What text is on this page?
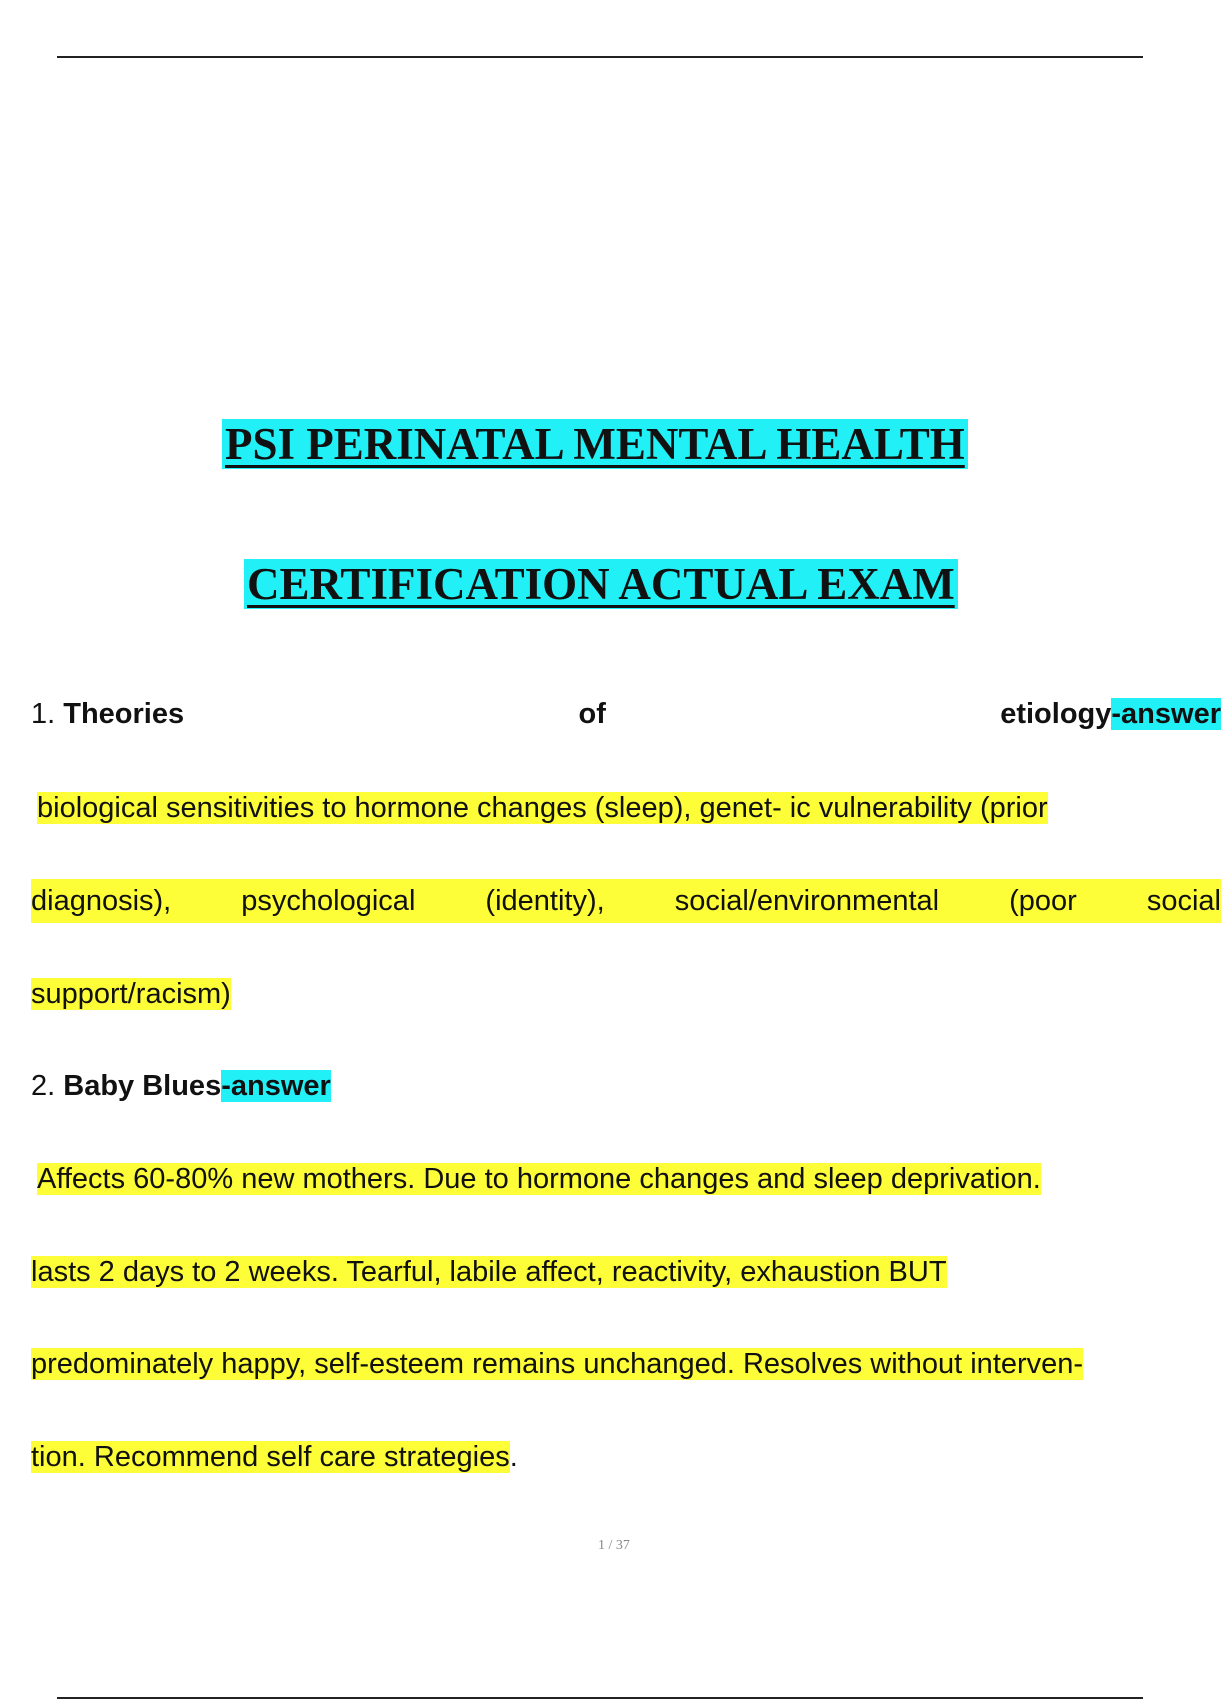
PSI PERINATAL MENTAL HEALTH
CERTIFICATION ACTUAL EXAM
1. Theories	of	etiology-answer
biological sensitivities to hormone changes (sleep), genet- ic vulnerability (prior
diagnosis), psychological (identity), social/environmental (poor social
support/racism)
2. Baby Blues-answer
Affects 60-80% new mothers. Due to hormone changes and sleep deprivation.
lasts 2 days to 2 weeks. Tearful, labile affect, reactivity, exhaustion BUT
predominately happy, self-esteem remains unchanged. Resolves without interven-
tion. Recommend self care strategies.
1 / 37
